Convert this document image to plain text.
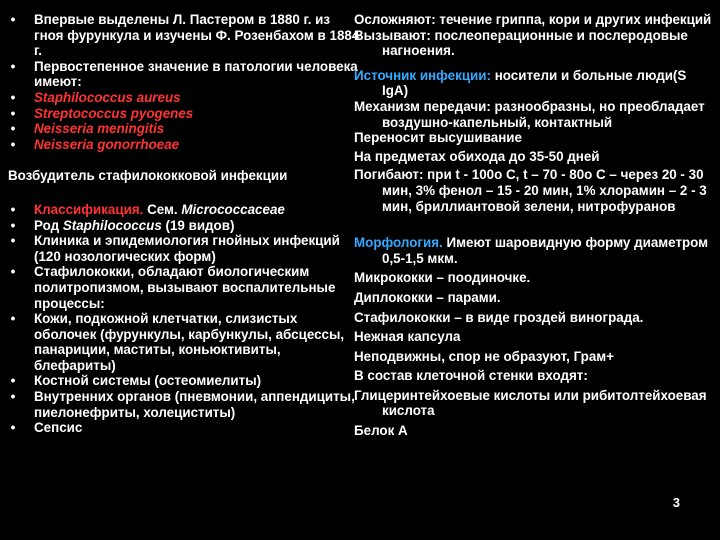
• Впервые выделены Л. Пастером в 1880 г. из гноя фурункула и изучены Ф. Розенбахом в 1884 г.
• Первостепенное значение в патологии человека имеют:
• Staphilococcus aureus
• Streptococcus pyogenes
• Neisseria meningitis
• Neisseria gonorrhoeae
Возбудитель стафилококковой инфекции
• Классификация. Сем. Micrococcaceae
• Род Staphilococcus (19 видов)
• Клиника и эпидемиология гнойных инфекций (120 нозологических форм)
• Стафилококки, обладают биологическим политропизмом, вызывают воспалительные процессы:
• Кожи, подкожной клетчатки, слизистых оболочек (фурункулы, карбункулы, абсцессы, панариции, маститы, коньюктивиты, блефариты)
• Костной системы (остеомиелиты)
• Внутренних органов (пневмонии, аппендициты, пиелонефриты, холециститы)
• Сепсис
Осложняют: течение гриппа, кори и других инфекций
Вызывают: послеоперационные и послеродовые нагноения.
Источник инфекции: носители и больные люди(S IgA)
Механизм передачи: разнообразны, но преобладает воздушно-капельный, контактный
Переносит высушивание
На предметах обихода до 35-50 дней
Погибают: при t - 100o C, t – 70 - 80o C – через 20 - 30 мин, 3% фенол – 15 - 20 мин, 1% хлорамин – 2 - 3 мин, бриллиантовой зелени, нитрофуранов
Морфология. Имеют шаровидную форму диаметром 0,5-1,5 мкм.
Микрококки – поодиночке.
Диплококки – парами.
Стафилококки – в виде гроздей винограда.
Нежная капсула
Неподвижны, спор не образуют, Грам+
В состав клеточной стенки входят:
Глицеринтейхоевые кислоты или рибитолтейхоевая кислота
Белок А
3
